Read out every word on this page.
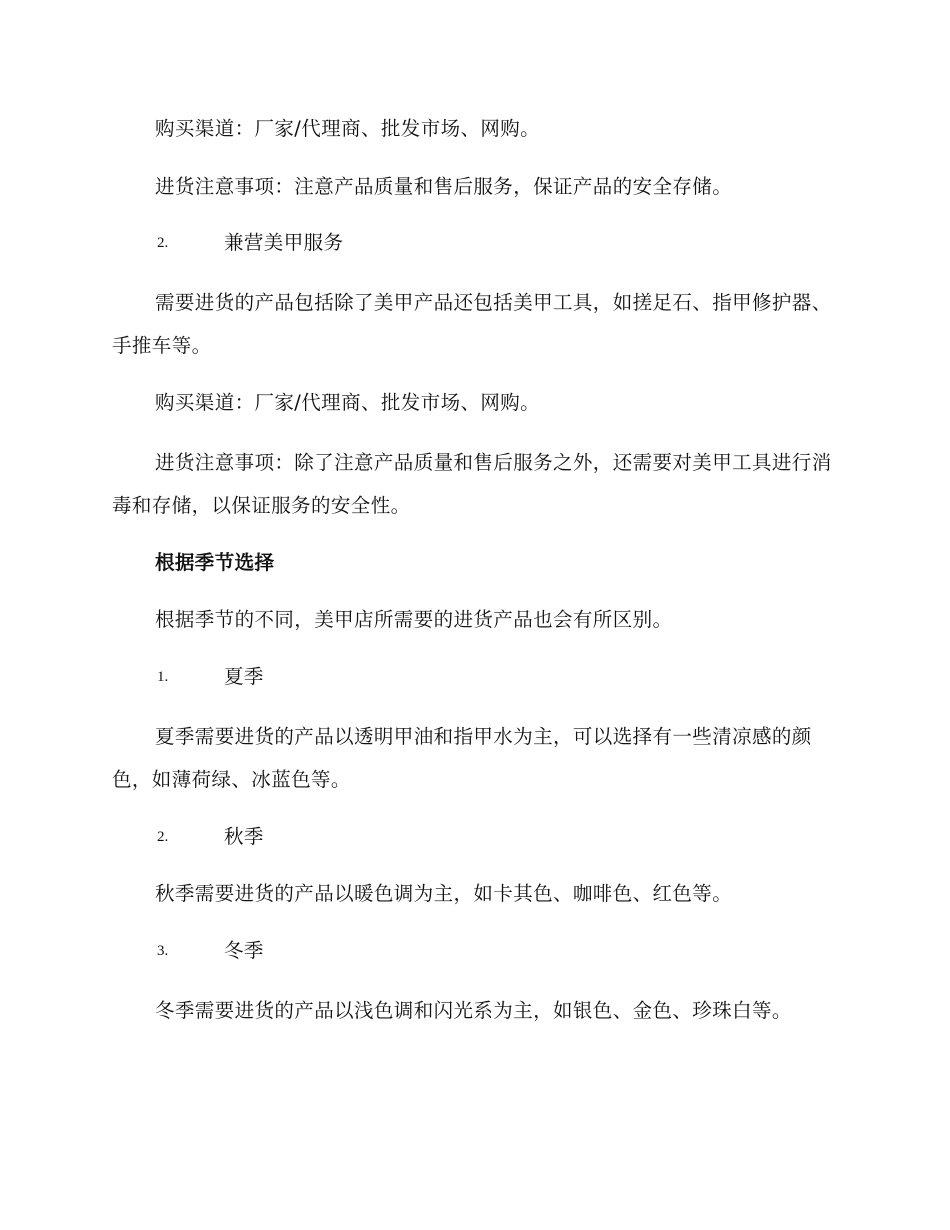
购买渠道：厂家/代理商、批发市场、网购。
进货注意事项：注意产品质量和售后服务，保证产品的安全存储。
2.	兼营美甲服务
需要进货的产品包括除了美甲产品还包括美甲工具，如搓足石、指甲修护器、手推车等。
购买渠道：厂家/代理商、批发市场、网购。
进货注意事项：除了注意产品质量和售后服务之外，还需要对美甲工具进行消毒和存储，以保证服务的安全性。
根据季节选择
根据季节的不同，美甲店所需要的进货产品也会有所区别。
1.	夏季
夏季需要进货的产品以透明甲油和指甲水为主，可以选择有一些清凉感的颜色，如薄荷绿、冰蓝色等。
2.	秋季
秋季需要进货的产品以暖色调为主，如卡其色、咖啡色、红色等。
3.	冬季
冬季需要进货的产品以浅色调和闪光系为主，如银色、金色、珍珠白等。
